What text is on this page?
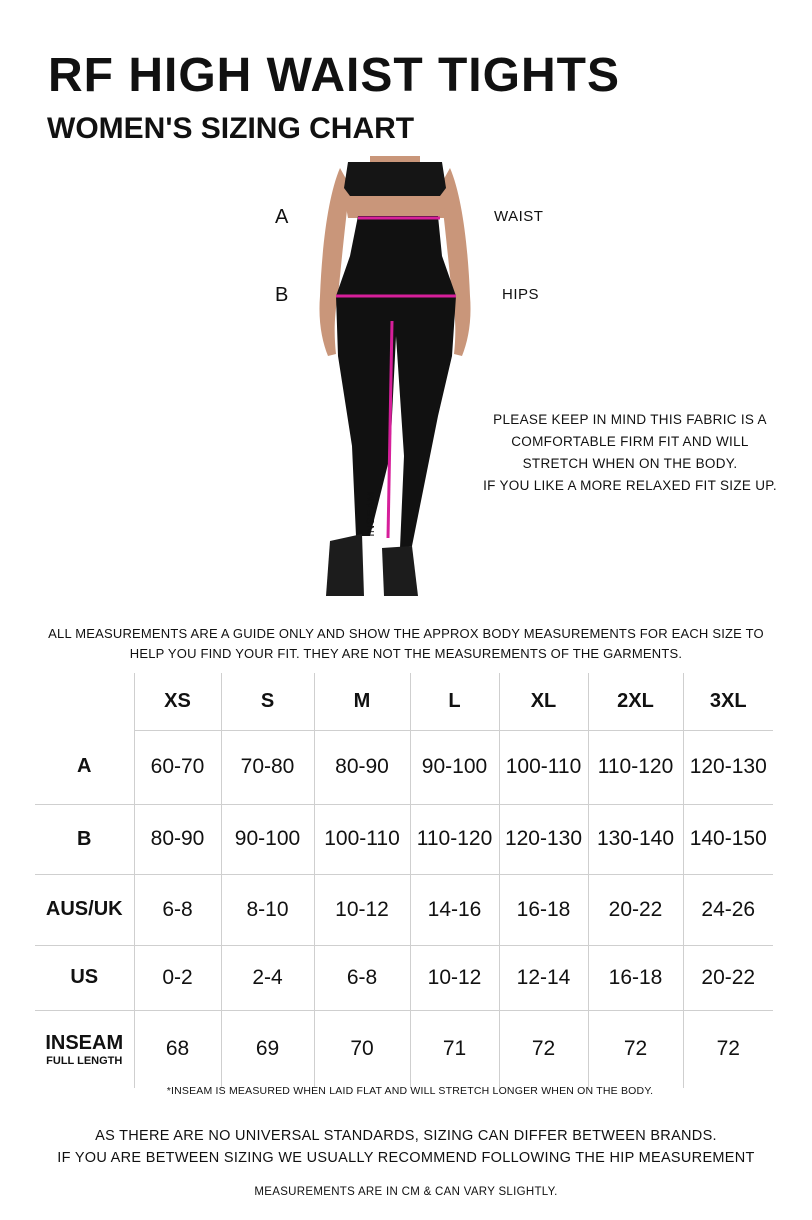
RF HIGH WAIST TIGHTS
WOMEN'S SIZING CHART
A
B
WAIST
HIPS
INSEAM
PLEASE KEEP IN MIND THIS FABRIC IS A
COMFORTABLE FIRM FIT AND WILL
STRETCH WHEN ON THE BODY.
IF YOU LIKE A MORE RELAXED FIT SIZE UP.
ALL MEASUREMENTS ARE A GUIDE ONLY AND SHOW THE APPROX BODY MEASUREMENTS FOR EACH SIZE TO
HELP YOU FIND YOUR FIT. THEY ARE NOT THE MEASUREMENTS OF THE GARMENTS.
	XS	S	M	L	XL	2XL	3XL
A	60-70	70-80	80-90	90-100	100-110	110-120	120-130
B	80-90	90-100	100-110	110-120	120-130	130-140	140-150
AUS/UK	6-8	8-10	10-12	14-16	16-18	20-22	24-26
US	0-2	2-4	6-8	10-12	12-14	16-18	20-22
INSEAM
FULL LENGTH	68	69	70	71	72	72	72
*INSEAM IS MEASURED WHEN LAID FLAT AND WILL STRETCH LONGER WHEN ON THE BODY.
AS THERE ARE NO UNIVERSAL STANDARDS, SIZING CAN DIFFER BETWEEN BRANDS.
IF YOU ARE BETWEEN SIZING WE USUALLY RECOMMEND FOLLOWING THE HIP MEASUREMENT
MEASUREMENTS ARE IN CM & CAN VARY SLIGHTLY.
